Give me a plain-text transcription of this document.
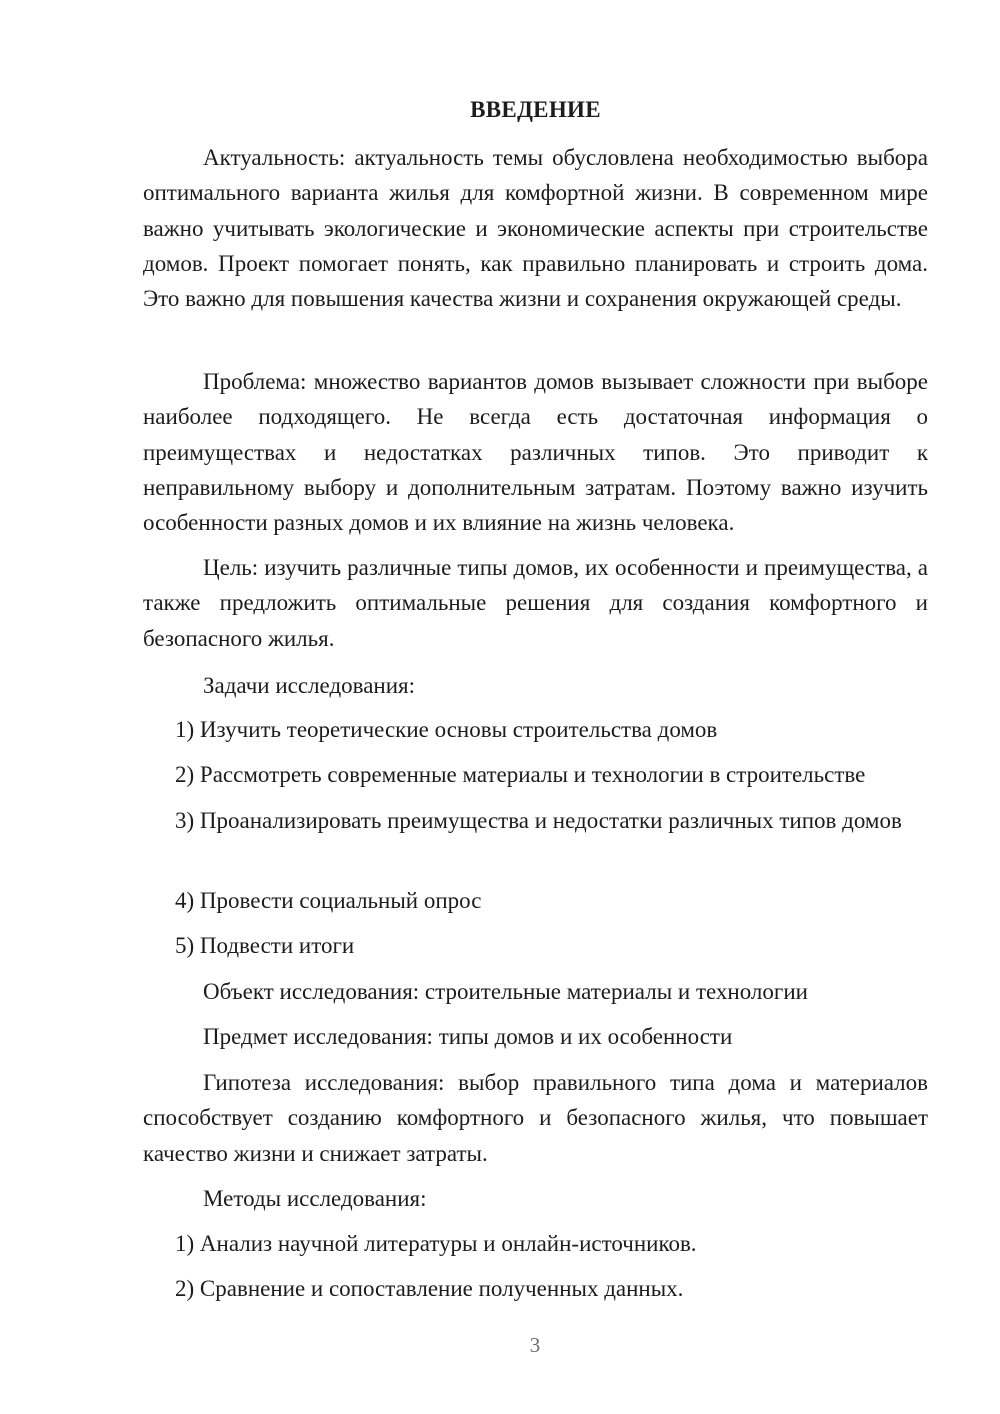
ВВЕДЕНИЕ

Актуальность: актуальность темы обусловлена необходимостью выбора оптимального варианта жилья для комфортной жизни. В современном мире важно учитывать экологические и экономические аспекты при строительстве домов. Проект помогает понять, как правильно планировать и строить дома. Это важно для повышения качества жизни и сохранения окружающей среды.

Проблема: множество вариантов домов вызывает сложности при выборе наиболее подходящего. Не всегда есть достаточная информация о преимуществах и недостатках различных типов. Это приводит к неправильному выбору и дополнительным затратам. Поэтому важно изучить особенности разных домов и их влияние на жизнь человека.

Цель: изучить различные типы домов, их особенности и преимущества, а также предложить оптимальные решения для создания комфортного и безопасного жилья.

Задачи исследования:

1) Изучить теоретические основы строительства домов

2) Рассмотреть современные материалы и технологии в строительстве

3) Проанализировать преимущества и недостатки различных типов домов

4) Провести социальный опрос

5) Подвести итоги

Объект исследования: строительные материалы и технологии

Предмет исследования: типы домов и их особенности

Гипотеза исследования: выбор правильного типа дома и материалов способствует созданию комфортного и безопасного жилья, что повышает качество жизни и снижает затраты.

Методы исследования:

1) Анализ научной литературы и онлайн-источников.

2) Сравнение и сопоставление полученных данных.

3
